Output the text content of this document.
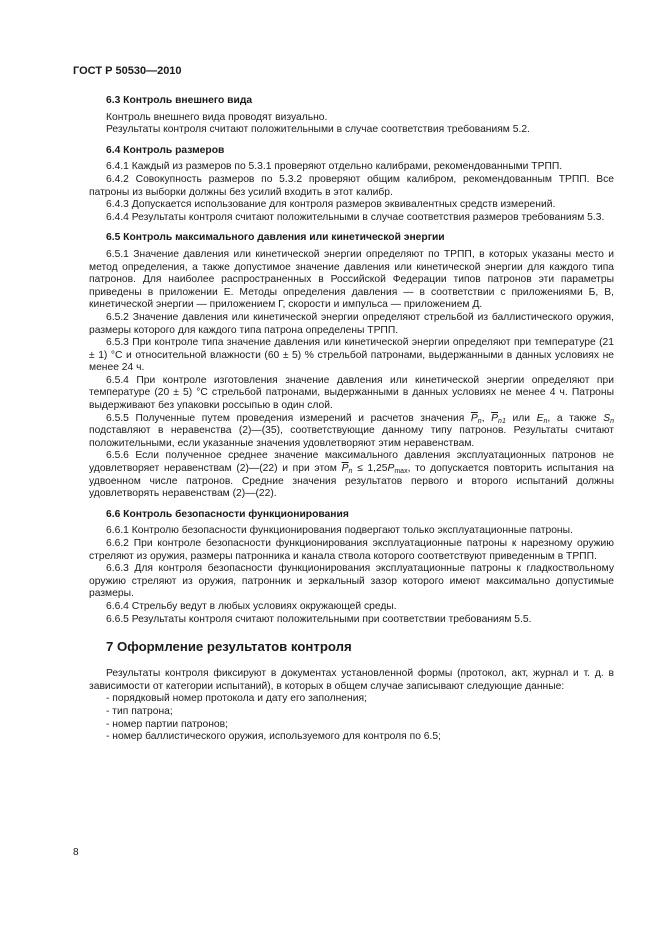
ГОСТ Р 50530—2010

6.3 Контроль внешнего вида

Контроль внешнего вида проводят визуально.

Результаты контроля считают положительными в случае соответствия требованиям 5.2.

6.4 Контроль размеров

6.4.1 Каждый из размеров по 5.3.1 проверяют отдельно калибрами, рекомендованными ТРПП.

6.4.2 Совокупность размеров по 5.3.2 проверяют общим калибром, рекомендованным ТРПП. Все патроны из выборки должны без усилий входить в этот калибр.

6.4.3 Допускается использование для контроля размеров эквивалентных средств измерений.

6.4.4 Результаты контроля считают положительными в случае соответствия размеров требованиям 5.3.

6.5 Контроль максимального давления или кинетической энергии

6.5.1 Значение давления или кинетической энергии определяют по ТРПП, в которых указаны место и метод определения, а также допустимое значение давления или кинетической энергии для каждого типа патронов. Для наиболее распространенных в Российской Федерации типов патронов эти параметры приведены в приложении Е. Методы определения давления — в соответствии с приложениями Б, В, кинетической энергии — приложением Г, скорости и импульса — приложением Д.

6.5.2 Значение давления или кинетической энергии определяют стрельбой из баллистического оружия, размеры которого для каждого типа патрона определены ТРПП.

6.5.3 При контроле типа значение давления или кинетической энергии определяют при температуре (21 ± 1) °C и относительной влажности (60 ± 5) % стрельбой патронами, выдержанными в данных условиях не менее 24 ч.

6.5.4 При контроле изготовления значение давления или кинетической энергии определяют при температуре (20 ± 5) °C стрельбой патронами, выдержанными в данных условиях не менее 4 ч. Патроны выдерживают без упаковки россыпью в один слой.

6.5.5 Полученные путем проведения измерений и расчетов значения $\overline{P}_n$, $\overline{P}_{n1}$ или $E_n$, а также $S_n$ подставляют в неравенства (2)—(35), соответствующие данному типу патронов. Результаты считают положительными, если указанные значения удовлетворяют этим неравенствам.

6.5.6 Если полученное среднее значение максимального давления эксплуатационных патронов не удовлетворяет неравенствам (2)—(22) и при этом $\overline{P}_n \le 1,25P_{max}$, то допускается повторить испытания на удвоенном числе патронов. Средние значения результатов первого и второго испытаний должны удовлетворять неравенствам (2)—(22).

6.6 Контроль безопасности функционирования

6.6.1 Контролю безопасности функционирования подвергают только эксплуатационные патроны.

6.6.2 При контроле безопасности функционирования эксплуатационные патроны к нарезному оружию стреляют из оружия, размеры патронника и канала ствола которого соответствуют приведенным в ТРПП.

6.6.3 Для контроля безопасности функционирования эксплуатационные патроны к гладкоствольному оружию стреляют из оружия, патронник и зеркальный зазор которого имеют максимально допустимые размеры.

6.6.4 Стрельбу ведут в любых условиях окружающей среды.

6.6.5 Результаты контроля считают положительными при соответствии требованиям 5.5.

7 Оформление результатов контроля

Результаты контроля фиксируют в документах установленной формы (протокол, акт, журнал и т. д. в зависимости от категории испытаний), в которых в общем случае записывают следующие данные:

- порядковый номер протокола и дату его заполнения;
- тип патрона;
- номер партии патронов;
- номер баллистического оружия, используемого для контроля по 6.5;
8
